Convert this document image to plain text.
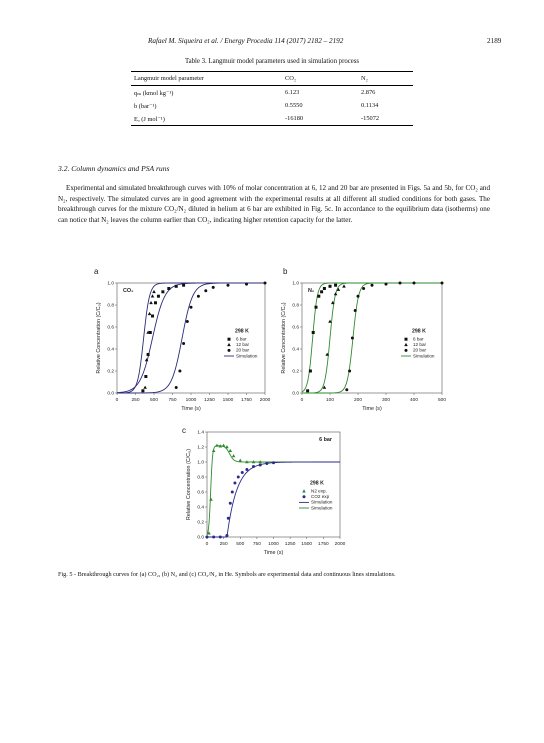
Rafael M. Siqueira et al. / Energy Procedia 114 (2017) 2182 – 2192	2189
Table 3. Langmuir model parameters used in simulation process
Langmuir model parameter	CO₂	N₂
qₘ (kmol kg⁻¹)	6.123	2.876
b (bar⁻¹)	0.5550	0.1134
Eₐ (J mol⁻¹)	-16180	-15072
3.2. Column dynamics and PSA runs

Experimental and simulated breakthrough curves with 10% of molar concentration at 6, 12 and 20 bar are presented in Figs. 5a and 5b, for CO₂ and N₂, respectively. The simulated curves are in good agreement with the experimental results at all different all studied conditions for both gases. The breakthrough curves for the mixture CO₂/N₂ diluted in helium at 6 bar are exhibited in Fig. 5c. In accordance to the equilibrium data (isotherms) one can notice that N₂ leaves the column earlier than CO₂, indicating higher retention capacity for the latter.

a
0	250 500 750 1000 1250 1500 1750 2000
0.0
0.2
0.4
0.6
0.8
1.0
Time (s)
Relative Concentration (C/C₀)
CO₂
298 K
6 bar
12 bar
20 bar
Simulation
b
0	100	200	300	400	500
0.0
0.2
0.4
0.6
0.8
1.0
Time (s)
Relative Concentration (C/C₀)
N₂
298 K
6 bar
12 bar
20 bar
Simulation
c
0 250 500 750 1000 1250 1500 1750 2000
0.0
0.2
0.4
0.6
0.8
1.0
1.2
1.4
Time (s)
Relative Concentration (C/C₀)
6 bar
298 K
N2 exp.
CO2 exp
Simulation
Simulation
Fig. 5 - Breakthrough curves for (a) CO₂, (b) N₂ and (c) CO₂/N₂ in He. Symbols are experimental data and continuous lines simulations.
